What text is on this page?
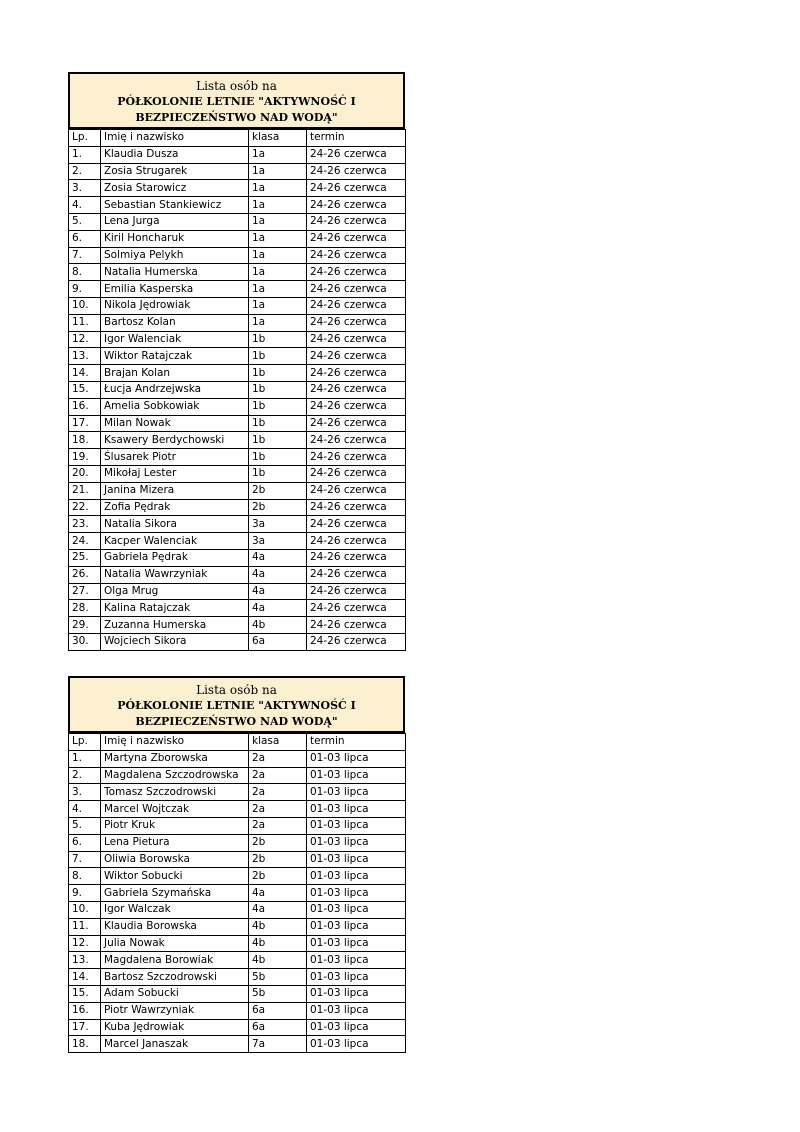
Lista osób na
PÓŁKOLONIE LETNIE "AKTYWNOŚĆ I
BEZPIECZEŃSTWO NAD WODĄ"
Lp.	Imię i nazwisko	klasa	termin
1.	Klaudia Dusza	1a	24-26 czerwca
2.	Zosia Strugarek	1a	24-26 czerwca
3.	Zosia Starowicz	1a	24-26 czerwca
4.	Sebastian Stankiewicz	1a	24-26 czerwca
5.	Lena Jurga	1a	24-26 czerwca
6.	Kiril Honcharuk	1a	24-26 czerwca
7.	Solmiya Pelykh	1a	24-26 czerwca
8.	Natalia Humerska	1a	24-26 czerwca
9.	Emilia Kasperska	1a	24-26 czerwca
10.	Nikola Jędrowiak	1a	24-26 czerwca
11.	Bartosz Kolan	1a	24-26 czerwca
12.	Igor Walenciak	1b	24-26 czerwca
13.	Wiktor Ratajczak	1b	24-26 czerwca
14.	Brajan Kolan	1b	24-26 czerwca
15.	Łucja Andrzejwska	1b	24-26 czerwca
16.	Amelia Sobkowiak	1b	24-26 czerwca
17.	Milan Nowak	1b	24-26 czerwca
18.	Ksawery Berdychowski	1b	24-26 czerwca
19.	Ślusarek Piotr	1b	24-26 czerwca
20.	Mikołaj Lester	1b	24-26 czerwca
21.	Janina Mizera	2b	24-26 czerwca
22.	Zofia Pędrak	2b	24-26 czerwca
23.	Natalia Sikora	3a	24-26 czerwca
24.	Kacper Walenciak	3a	24-26 czerwca
25.	Gabriela Pędrak	4a	24-26 czerwca
26.	Natalia Wawrzyniak	4a	24-26 czerwca
27.	Olga Mrug	4a	24-26 czerwca
28.	Kalina Ratajczak	4a	24-26 czerwca
29.	Zuzanna Humerska	4b	24-26 czerwca
30.	Wojciech Sikora	6a	24-26 czerwca
Lista osób na
PÓŁKOLONIE LETNIE "AKTYWNOŚĆ I
BEZPIECZEŃSTWO NAD WODĄ"
Lp.	Imię i nazwisko	klasa	termin
1.	Martyna Zborowska	2a	01-03 lipca
2.	Magdalena Szczodrowska	2a	01-03 lipca
3.	Tomasz Szczodrowski	2a	01-03 lipca
4.	Marcel Wojtczak	2a	01-03 lipca
5.	Piotr Kruk	2a	01-03 lipca
6.	Lena Pietura	2b	01-03 lipca
7.	Oliwia Borowska	2b	01-03 lipca
8.	Wiktor Sobucki	2b	01-03 lipca
9.	Gabriela Szymańska	4a	01-03 lipca
10.	Igor Walczak	4a	01-03 lipca
11.	Klaudia Borowska	4b	01-03 lipca
12.	Julia Nowak	4b	01-03 lipca
13.	Magdalena Borowiak	4b	01-03 lipca
14.	Bartosz Szczodrowski	5b	01-03 lipca
15.	Adam Sobucki	5b	01-03 lipca
16.	Piotr Wawrzyniak	6a	01-03 lipca
17.	Kuba Jędrowiak	6a	01-03 lipca
18.	Marcel Janaszak	7a	01-03 lipca
